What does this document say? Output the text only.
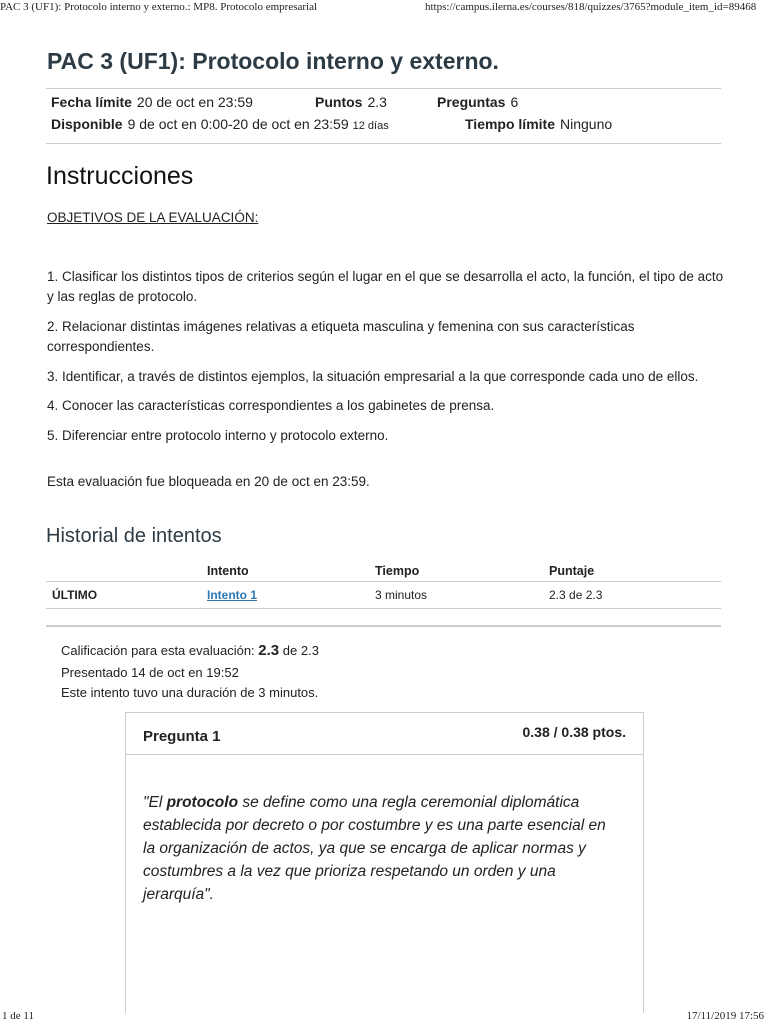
PAC 3 (UF1): Protocolo interno y externo.: MP8. Protocolo empresarial	https://campus.ilerna.es/courses/818/quizzes/3765?module_item_id=89468
PAC 3 (UF1): Protocolo interno y externo.
Fecha límite 20 de oct en 23:59	Puntos 2.3	Preguntas 6
Disponible 9 de oct en 0:00-20 de oct en 23:59 12 días	Tiempo límite Ninguno
Instrucciones
OBJETIVOS DE LA EVALUACIÓN:
1. Clasificar los distintos tipos de criterios según el lugar en el que se desarrolla el acto, la función, el tipo de acto y las reglas de protocolo.
2. Relacionar distintas imágenes relativas a etiqueta masculina y femenina con sus características correspondientes.
3. Identificar, a través de distintos ejemplos, la situación empresarial a la que corresponde cada uno de ellos.
4. Conocer las características correspondientes a los gabinetes de prensa.
5. Diferenciar entre protocolo interno y protocolo externo.
Esta evaluación fue bloqueada en 20 de oct en 23:59.
Historial de intentos
	Intento	Tiempo	Puntaje
ÚLTIMO	Intento 1	3 minutos	2.3 de 2.3
Calificación para esta evaluación: 2.3 de 2.3
Presentado 14 de oct en 19:52
Este intento tuvo una duración de 3 minutos.
Pregunta 1	0.38 / 0.38 ptos.
"El protocolo se define como una regla ceremonial diplomática establecida por decreto o por costumbre y es una parte esencial en la organización de actos, ya que se encarga de aplicar normas y costumbres a la vez que prioriza respetando un orden y una jerarquía".
1 de 11	17/11/2019 17:56
